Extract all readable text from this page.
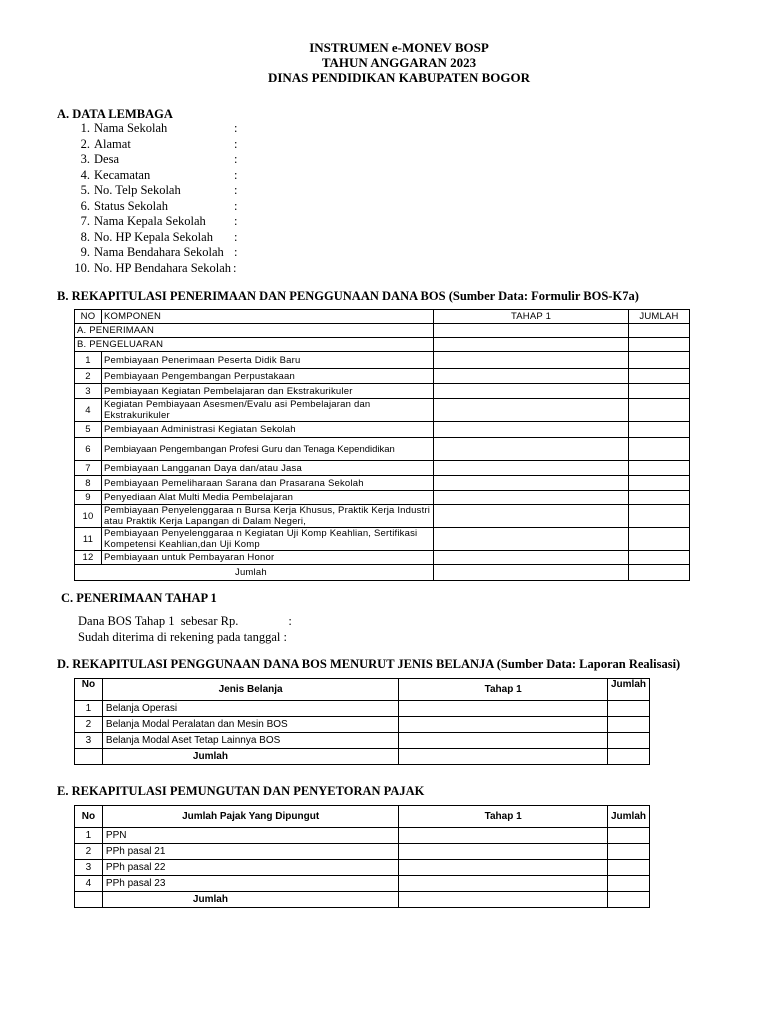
INSTRUMEN e-MONEV BOSP
TAHUN ANGGARAN 2023
DINAS PENDIDIKAN KABUPATEN BOGOR
A. DATA LEMBAGA
1. Nama Sekolah	:
2. Alamat	:
3. Desa	:
4. Kecamatan	:
5. No. Telp Sekolah	:
6. Status Sekolah	:
7. Nama Kepala Sekolah :
8. No. HP Kepala Sekolah :
9. Nama Bendahara Sekolah :
10. No. HP Bendahara Sekolah :
B. REKAPITULASI PENERIMAAN DAN PENGGUNAAN DANA BOS (Sumber Data: Formulir BOS-K7a)
NO	KOMPONEN	TAHAP 1	JUMLAH
A. PENERIMAAN			
B. PENGELUARAN			
1	Pembiayaan Penerimaan Peserta Didik Baru		
2	Pembiayaan Pengembangan Perpustakaan		
3	Pembiayaan Kegiatan Pembelajaran dan Ekstrakurikuler		
4	Kegiatan Pembiayaan Asesmen/Evalu asi Pembelajaran dan Ekstrakurikuler		
5	Pembiayaan Administrasi Kegiatan Sekolah		
6	Pembiayaan Pengembangan Profesi Guru dan Tenaga Kependidikan		
7	Pembiayaan Langganan Daya dan/atau Jasa		
8	Pembiayaan Pemeliharaan Sarana dan Prasarana Sekolah		
9	Penyediaan Alat Multi Media Pembelajaran		
10	Pembiayaan Penyelenggaraa n Bursa Kerja Khusus, Praktik Kerja Industri atau Praktik Kerja Lapangan di Dalam Negeri,		
11	Pembiayaan Penyelenggaraa n Kegiatan Uji Komp Keahlian, Sertifikasi Kompetensi Keahlian,dan Uji Komp		
12	Pembiayaan untuk Pembayaran Honor		
Jumlah			
C. PENERIMAAN TAHAP 1
Dana BOS Tahap 1  sebesar Rp.                :
Sudah diterima di rekening pada tanggal :
D. REKAPITULASI PENGGUNAAN DANA BOS MENURUT JENIS BELANJA (Sumber Data: Laporan Realisasi)
No	Jenis Belanja	Tahap 1	Jumlah
1	Belanja Operasi		
2	Belanja Modal Peralatan dan Mesin BOS		
3	Belanja Modal Aset Tetap Lainnya BOS		
	Jumlah		
E. REKAPITULASI PEMUNGUTAN DAN PENYETORAN PAJAK
No	Jumlah Pajak Yang Dipungut	Tahap 1	Jumlah
1	PPN		
2	PPh pasal 21		
3	PPh pasal 22		
4	PPh pasal 23		
	Jumlah		
